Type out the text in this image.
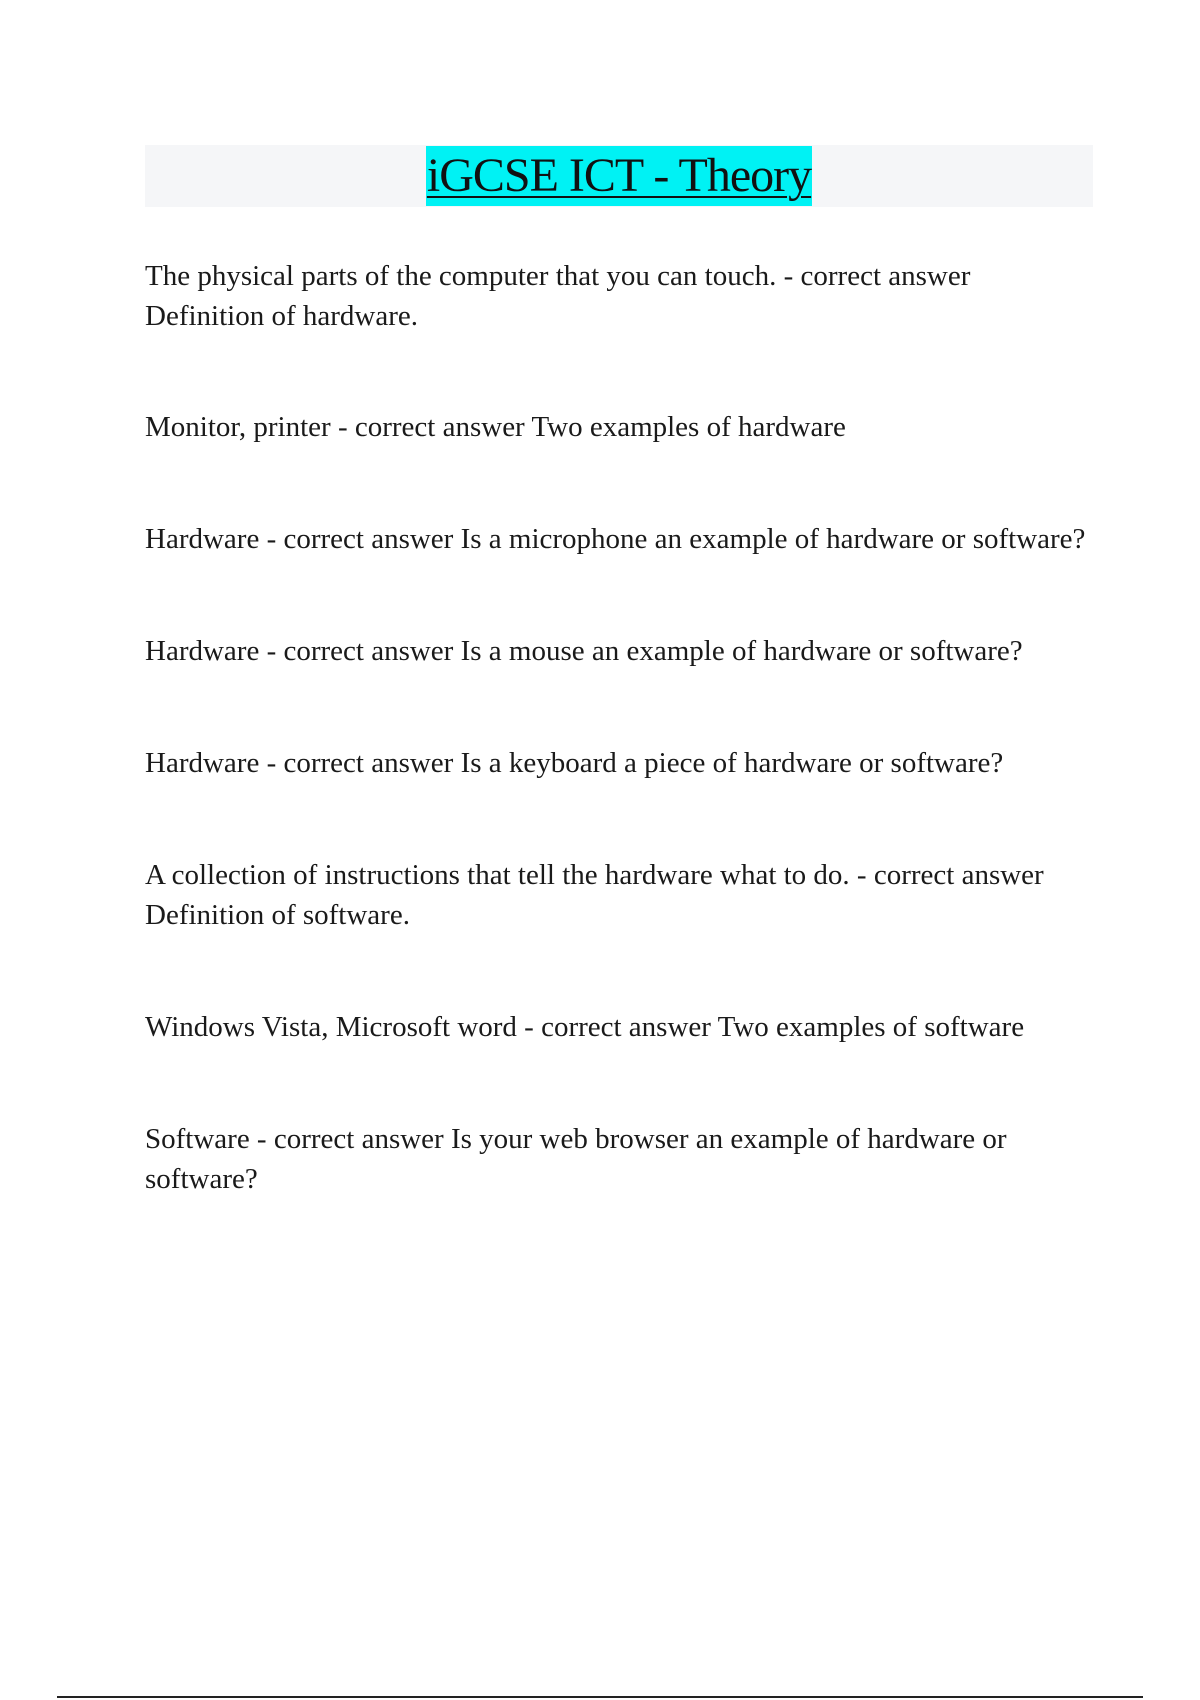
iGCSE ICT - Theory

The physical parts of the computer that you can touch. - correct answer Definition of hardware.

Monitor, printer - correct answer Two examples of hardware

Hardware - correct answer Is a microphone an example of hardware or software?

Hardware - correct answer Is a mouse an example of hardware or software?

Hardware - correct answer Is a keyboard a piece of hardware or software?

A collection of instructions that tell the hardware what to do. - correct answer Definition of software.

Windows Vista, Microsoft word - correct answer Two examples of software

Software - correct answer Is your web browser an example of hardware or software?
